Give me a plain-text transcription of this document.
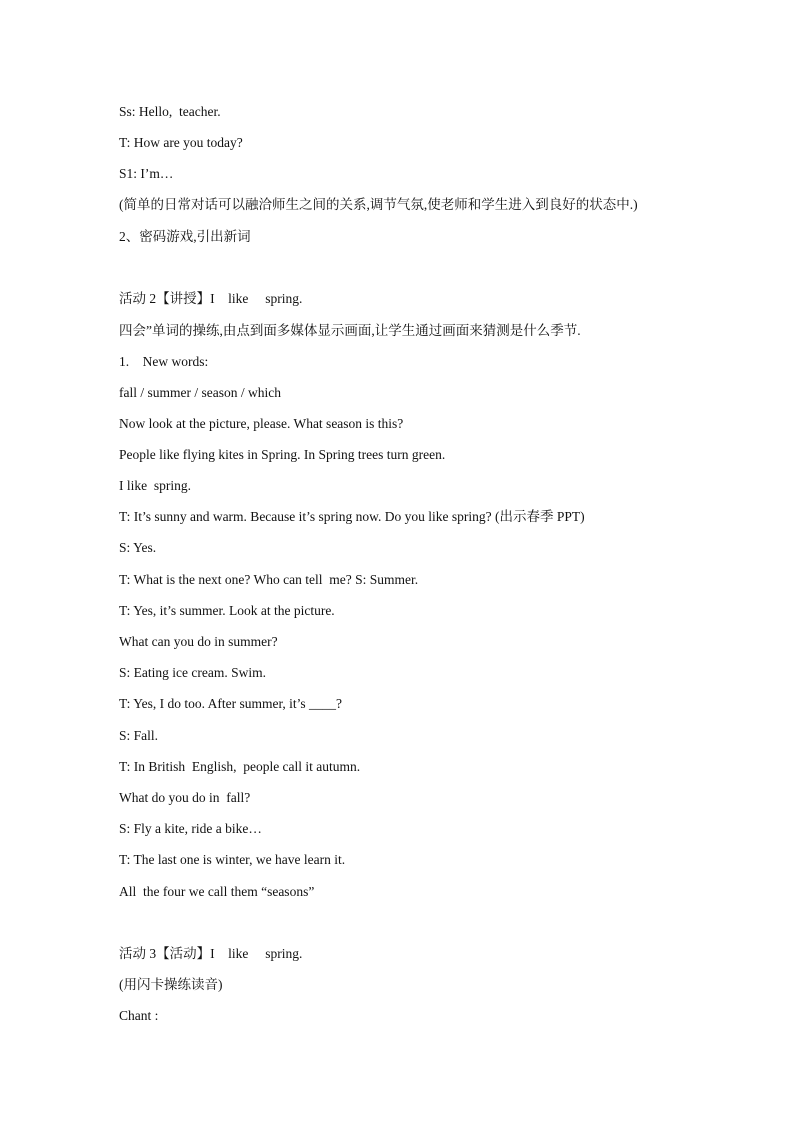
Ss: Hello,  teacher.
T: How are you today?
S1: I’m…
(简单的日常对话可以融洽师生之间的关系,调节气氛,使老师和学生进入到良好的状态中.)
2、密码游戏,引出新词
活动 2【讲授】I    like     spring.
四会”单词的操练,由点到面多媒体显示画面,让学生通过画面来猜测是什么季节.
1.    New words:
fall / summer / season / which
Now look at the picture, please. What season is this?
People like flying kites in Spring. In Spring trees turn green.
I like  spring.
T: It’s sunny and warm. Because it’s spring now. Do you like spring? (出示春季 PPT)
S: Yes.
T: What is the next one? Who can tell  me? S: Summer.
T: Yes, it’s summer. Look at the picture.
What can you do in summer?
S: Eating ice cream. Swim.
T: Yes, I do too. After summer, it’s ____?
S: Fall.
T: In British  English,  people call it autumn.
What do you do in  fall?
S: Fly a kite, ride a bike…
T: The last one is winter, we have learn it.
All  the four we call them “seasons”
活动 3【活动】I    like     spring.
(用闪卡操练读音)
Chant :
